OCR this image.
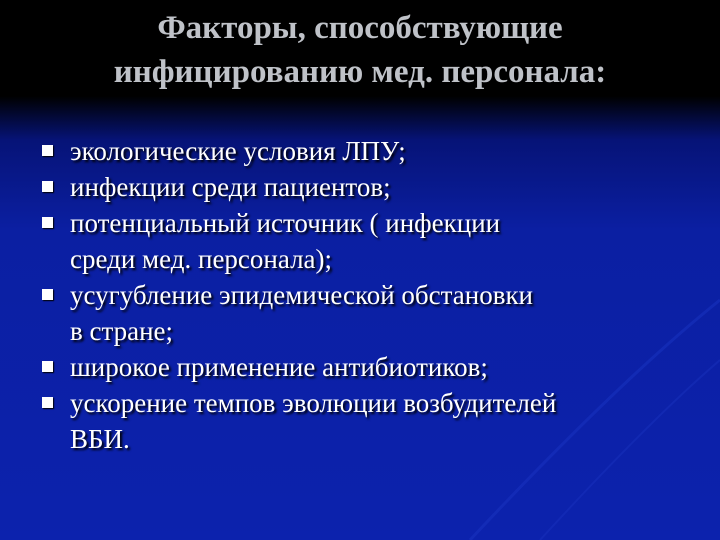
Факторы, способствующие
инфицированию мед. персонала:
экологические условия ЛПУ;
инфекции среди пациентов;
потенциальный источник ( инфекции
среди мед. персонала);
усугубление эпидемической обстановки
в стране;
широкое применение антибиотиков;
ускорение темпов эволюции возбудителей
ВБИ.
